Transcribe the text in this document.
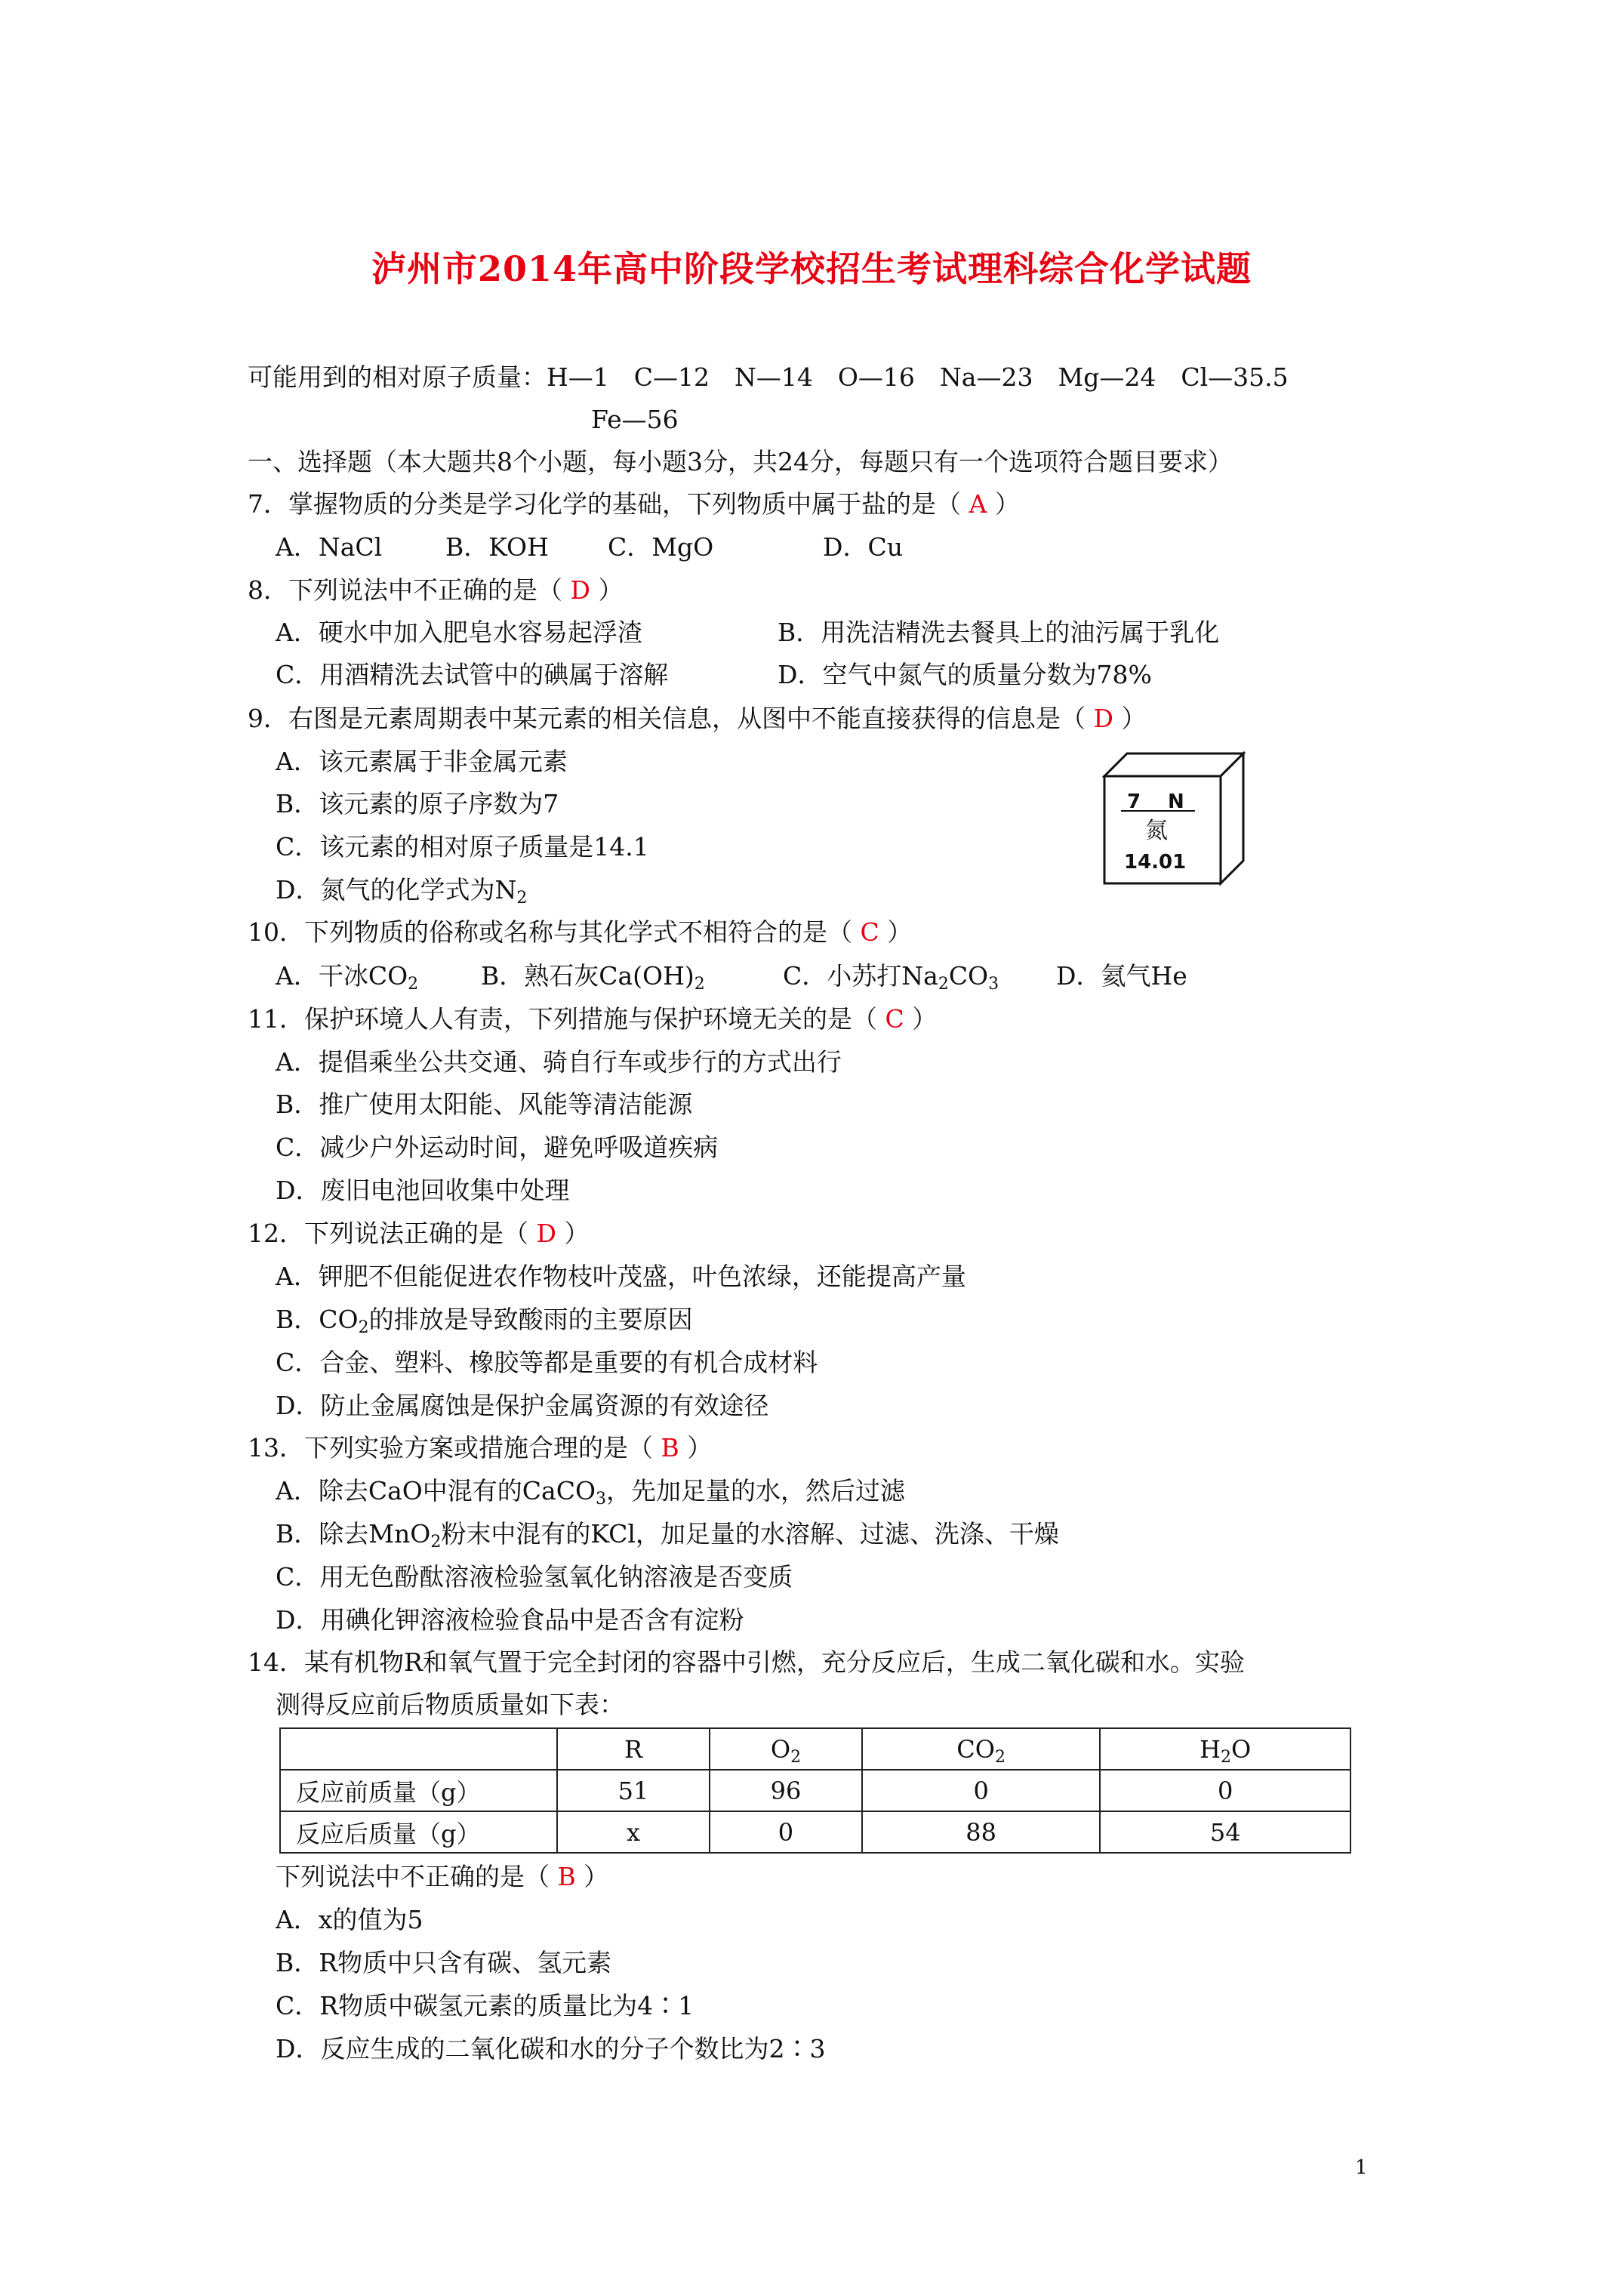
泸州市2014年高中阶段学校招生考试理科综合化学试题
可能用到的相对原子质量：H—1　C—12　N—14　O—16　Na—23　Mg—24　Cl—35.5
Fe—56
一、选择题（本大题共8个小题，每小题3分，共24分，每题只有一个选项符合题目要求）
7．掌握物质的分类是学习化学的基础，下列物质中属于盐的是（ A ）
A．NaCl	B．KOH C．MgO	D．Cu
8．下列说法中不正确的是（ D ）
A．硬水中加入肥皂水容易起浮渣	B．用洗洁精洗去餐具上的油污属于乳化
C．用酒精洗去试管中的碘属于溶解	D．空气中氮气的质量分数为78%
9．右图是元素周期表中某元素的相关信息，从图中不能直接获得的信息是（ D ）
A．该元素属于非金属元素
B．该元素的原子序数为7
C．该元素的相对原子质量是14.1
D．氮气的化学式为$N_2$
7 N
氮
14.01
10．下列物质的俗称或名称与其化学式不相符合的是（ C ）
A．干冰$CO_2$	B．熟石灰$Ca(OH)_2$	C．小苏打$Na_2CO_3$ D．氦气He
11．保护环境人人有责，下列措施与保护环境无关的是（ C ）
A．提倡乘坐公共交通、骑自行车或步行的方式出行
B．推广使用太阳能、风能等清洁能源
C．减少户外运动时间，避免呼吸道疾病
D．废旧电池回收集中处理
12．下列说法正确的是（ D ）
A．钾肥不但能促进农作物枝叶茂盛，叶色浓绿，还能提高产量
B．$CO_2$的排放是导致酸雨的主要原因
C．合金、塑料、橡胶等都是重要的有机合成材料
D．防止金属腐蚀是保护金属资源的有效途径
13．下列实验方案或措施合理的是（ B ）
A．除去CaO中混有的CaCO$_3$，先加足量的水，然后过滤
B．除去MnO$_2$粉末中混有的KCl，加足量的水溶解、过滤、洗涤、干燥
C．用无色酚酞溶液检验氢氧化钠溶液是否变质
D．用碘化钾溶液检验食品中是否含有淀粉
14．某有机物R和氧气置于完全封闭的容器中引燃，充分反应后，生成二氧化碳和水。实验
测得反应前后物质质量如下表：
	R	$O_2$	$CO_2$	$H_2O$
反应前质量（g）	51	96	0	0
反应后质量（g）	x	0	88	54
下列说法中不正确的是（ B ）
A．x的值为5
B．R物质中只含有碳、氢元素
C．R物质中碳氢元素的质量比为4∶1
D．反应生成的二氧化碳和水的分子个数比为2∶3
1
